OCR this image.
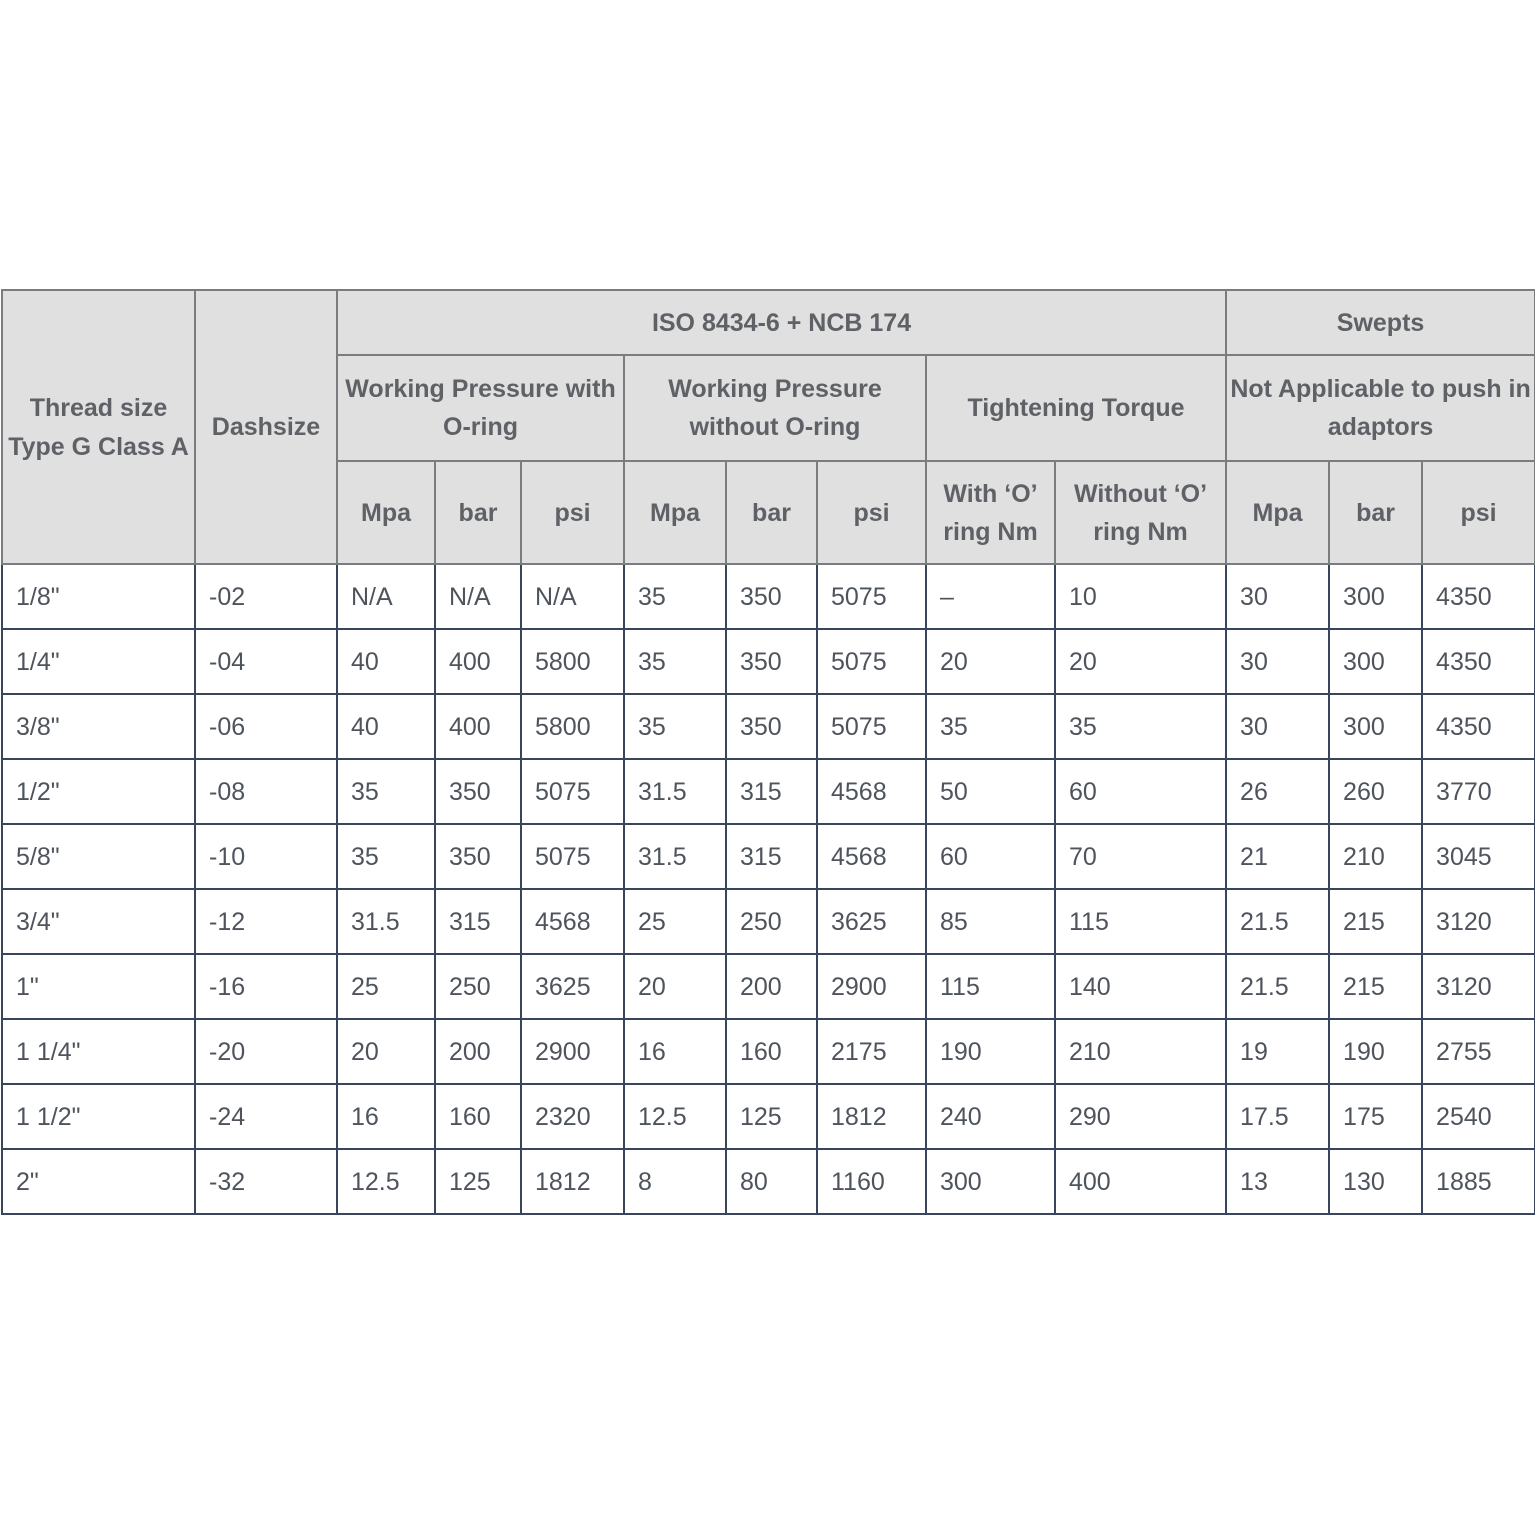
Thread size Type G Class A	Dashsize	ISO 8434-6 + NCB 174								Swepts		
		Working Pressure with O-ring			Working Pressure without O-ring			Tightening Torque		Not Applicable to push in adaptors		
		Mpa	bar	psi	Mpa	bar	psi	With ‘O’ ring Nm	Without ‘O’ ring Nm	Mpa	bar	psi
1/8"	-02	N/A	N/A	N/A	35	350	5075	–	10	30	300	4350
1/4"	-04	40	400	5800	35	350	5075	20	20	30	300	4350
3/8"	-06	40	400	5800	35	350	5075	35	35	30	300	4350
1/2"	-08	35	350	5075	31.5	315	4568	50	60	26	260	3770
5/8"	-10	35	350	5075	31.5	315	4568	60	70	21	210	3045
3/4"	-12	31.5	315	4568	25	250	3625	85	115	21.5	215	3120
1"	-16	25	250	3625	20	200	2900	115	140	21.5	215	3120
1 1/4"	-20	20	200	2900	16	160	2175	190	210	19	190	2755
1 1/2"	-24	16	160	2320	12.5	125	1812	240	290	17.5	175	2540
2"	-32	12.5	125	1812	8	80	1160	300	400	13	130	1885
